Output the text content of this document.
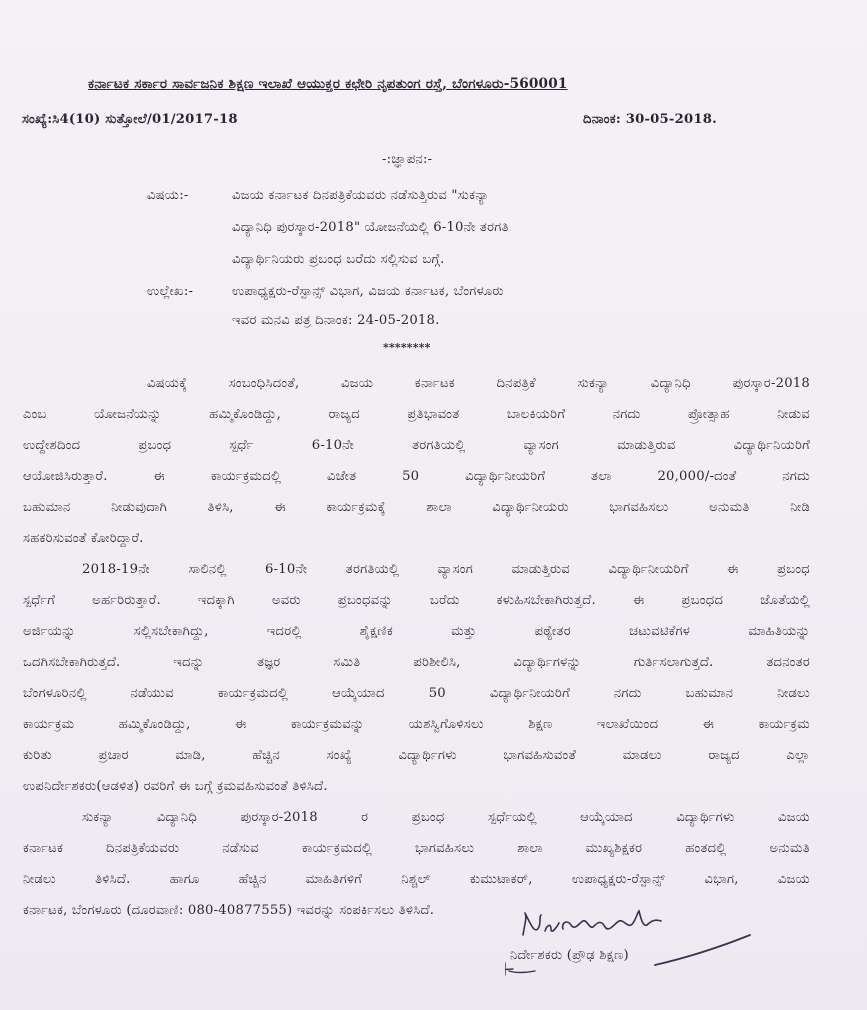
ಕರ್ನಾಟಕ ಸರ್ಕಾರ ಸಾರ್ವಜನಿಕ ಶಿಕ್ಷಣ ಇಲಾಖೆ ಆಯುಕ್ತರ ಕಛೇರಿ ನೃಪತುಂಗ ರಸ್ತೆ, ಬೆಂಗಳೂರು-560001
ಸಂಖ್ಯೆ:ಸಿ4(10) ಸುತ್ತೋಲೆ/01/2017-18	ದಿನಾಂಕ: 30-05-2018.
-:ಜ್ಞಾಪನ:-
ವಿಷಯ:-	ವಿಜಯ ಕರ್ನಾಟಕ ದಿನಪತ್ರಿಕೆಯವರು ನಡೆಸುತ್ತಿರುವ "ಸುಕನ್ಯಾ
ವಿದ್ಯಾನಿಧಿ ಪುರಸ್ಕಾರ-2018" ಯೋಜನೆಯಲ್ಲಿ 6-10ನೇ ತರಗತಿ
ವಿದ್ಯಾರ್ಥಿನಿಯರು ಪ್ರಬಂಧ ಬರೆದು ಸಲ್ಲಿಸುವ ಬಗ್ಗೆ.
ಉಲ್ಲೇಖ:-	ಉಪಾಧ್ಯಕ್ಷರು-ರೆಸ್ಪಾನ್ಸ್ ವಿಭಾಗ, ವಿಜಯ ಕರ್ನಾಟಕ, ಬೆಂಗಳೂರು
ಇವರ ಮನವಿ ಪತ್ರ ದಿನಾಂಕ: 24-05-2018.
********
ವಿಷಯಕ್ಕೆ ಸಂಬಂಧಿಸಿದಂತೆ, ವಿಜಯ ಕರ್ನಾಟಕ ದಿನಪತ್ರಿಕೆ ಸುಕನ್ಯಾ ವಿದ್ಯಾನಿಧಿ ಪುರಸ್ಕಾರ-2018
ಎಂಬ ಯೋಜನೆಯನ್ನು ಹಮ್ಮಿಕೊಂಡಿದ್ದು, ರಾಜ್ಯದ ಪ್ರತಿಭಾವಂತ ಬಾಲಕಿಯರಿಗೆ ನಗದು ಪ್ರೋತ್ಸಾಹ ನೀಡುವ
ಉದ್ದೇಶದಿಂದ ಪ್ರಬಂಧ ಸ್ಪರ್ಧೆ 6-10ನೇ ತರಗತಿಯಲ್ಲಿ ವ್ಯಾಸಂಗ ಮಾಡುತ್ತಿರುವ ವಿದ್ಯಾರ್ಥಿನಿಯರಿಗೆ
ಆಯೋಜಿಸಿರುತ್ತಾರೆ. ಈ ಕಾರ್ಯಕ್ರಮದಲ್ಲಿ ವಿಜೇತ 50 ವಿದ್ಯಾರ್ಥಿನೀಯರಿಗೆ ತಲಾ 20,000/-ದಂತೆ ನಗದು
ಬಹುಮಾನ ನೀಡುವುದಾಗಿ ತಿಳಿಸಿ, ಈ ಕಾರ್ಯಕ್ರಮಕ್ಕೆ ಶಾಲಾ ವಿದ್ಯಾರ್ಥಿನೀಯರು ಭಾಗವಹಿಸಲು ಅನುಮತಿ ನೀಡಿ
ಸಹಕರಿಸುವಂತೆ ಕೋರಿದ್ದಾರೆ.
2018-19ನೇ ಸಾಲಿನಲ್ಲಿ 6-10ನೇ ತರಗತಿಯಲ್ಲಿ ವ್ಯಾಸಂಗ ಮಾಡುತ್ತಿರುವ ವಿದ್ಯಾರ್ಥಿನೀಯರಿಗೆ ಈ ಪ್ರಬಂಧ
ಸ್ಪರ್ಧೆಗೆ ಅರ್ಹರಿರುತ್ತಾರೆ. ಇದಕ್ಕಾಗಿ ಅವರು ಪ್ರಬಂಧವನ್ನು ಬರೆದು ಕಳುಹಿಸಬೇಕಾಗಿರುತ್ತದೆ. ಈ ಪ್ರಬಂಧದ ಜೊತೆಯಲ್ಲಿ
ಅರ್ಜಿಯನ್ನು ಸಲ್ಲಿಸಬೇಕಾಗಿದ್ದು, ಇದರಲ್ಲಿ ಶೈಕ್ಷಣಿಕ ಮತ್ತು ಪಠ್ಯೇತರ ಚಟುವಟಿಕೆಗಳ ಮಾಹಿತಿಯನ್ನು
ಒದಗಿಸಬೇಕಾಗಿರುತ್ತದೆ. ಇದನ್ನು ತಜ್ಞರ ಸಮಿತಿ ಪರಿಶೀಲಿಸಿ, ವಿದ್ಯಾರ್ಥಿಗಳನ್ನು ಗುರ್ತಿಸಲಾಗುತ್ತದೆ. ತದನಂತರ
ಬೆಂಗಳೂರಿನಲ್ಲಿ ನಡೆಯುವ ಕಾರ್ಯಕ್ರಮದಲ್ಲಿ ಆಯ್ಕೆಯಾದ 50 ವಿದ್ಯಾರ್ಥಿನೀಯರಿಗೆ ನಗದು ಬಹುಮಾನ ನೀಡಲು
ಕಾರ್ಯಕ್ರಮ ಹಮ್ಮಿಕೊಂಡಿದ್ದು, ಈ ಕಾರ್ಯಕ್ರಮವನ್ನು ಯಶಸ್ವಿಗೊಳಿಸಲು ಶಿಕ್ಷಣ ಇಲಾಖೆಯಿಂದ ಈ ಕಾರ್ಯಕ್ರಮ
ಕುರಿತು ಪ್ರಚಾರ ಮಾಡಿ, ಹೆಚ್ಚಿನ ಸಂಖ್ಯೆ ವಿದ್ಯಾರ್ಥಿಗಳು ಭಾಗವಹಿಸುವಂತೆ ಮಾಡಲು ರಾಜ್ಯದ ಎಲ್ಲಾ
ಉಪನಿರ್ದೇಶಕರು(ಆಡಳಿತ) ರವರಿಗೆ ಈ ಬಗ್ಗೆ ಕ್ರಮವಹಿಸುವಂತೆ ತಿಳಿಸಿದೆ.
ಸುಕನ್ಯಾ ವಿದ್ಯಾನಿಧಿ ಪುರಸ್ಕಾರ-2018 ರ ಪ್ರಬಂಧ ಸ್ಪರ್ಧೆಯಲ್ಲಿ ಆಯ್ಕೆಯಾದ ವಿದ್ಯಾರ್ಥಿಗಳು ವಿಜಯ
ಕರ್ನಾಟಕ ದಿನಪತ್ರಿಕೆಯವರು ನಡೆಸುವ ಕಾರ್ಯಕ್ರಮದಲ್ಲಿ ಭಾಗವಹಿಸಲು ಶಾಲಾ ಮುಖ್ಯಶಿಕ್ಷಕರ ಹಂತದಲ್ಲಿ ಅನುಮತಿ
ನೀಡಲು ತಿಳಿಸಿದೆ. ಹಾಗೂ ಹೆಚ್ಚಿನ ಮಾಹಿತಿಗಳಿಗೆ ನಿಶ್ಚಲ್ ಕುಮುಟಾಕರ್, ಉಪಾಧ್ಯಕ್ಷರು-ರೆಸ್ಪಾನ್ಸ್ ವಿಭಾಗ, ವಿಜಯ
ಕರ್ನಾಟಕ, ಬೆಂಗಳೂರು (ದೂರವಾಣಿ: 080-40877555) ಇವರನ್ನು ಸಂಪರ್ಕಿಸಲು ತಿಳಿಸಿದೆ.
ನಿರ್ದೇಶಕರು (ಪ್ರೌಢ ಶಿಕ್ಷಣ)
